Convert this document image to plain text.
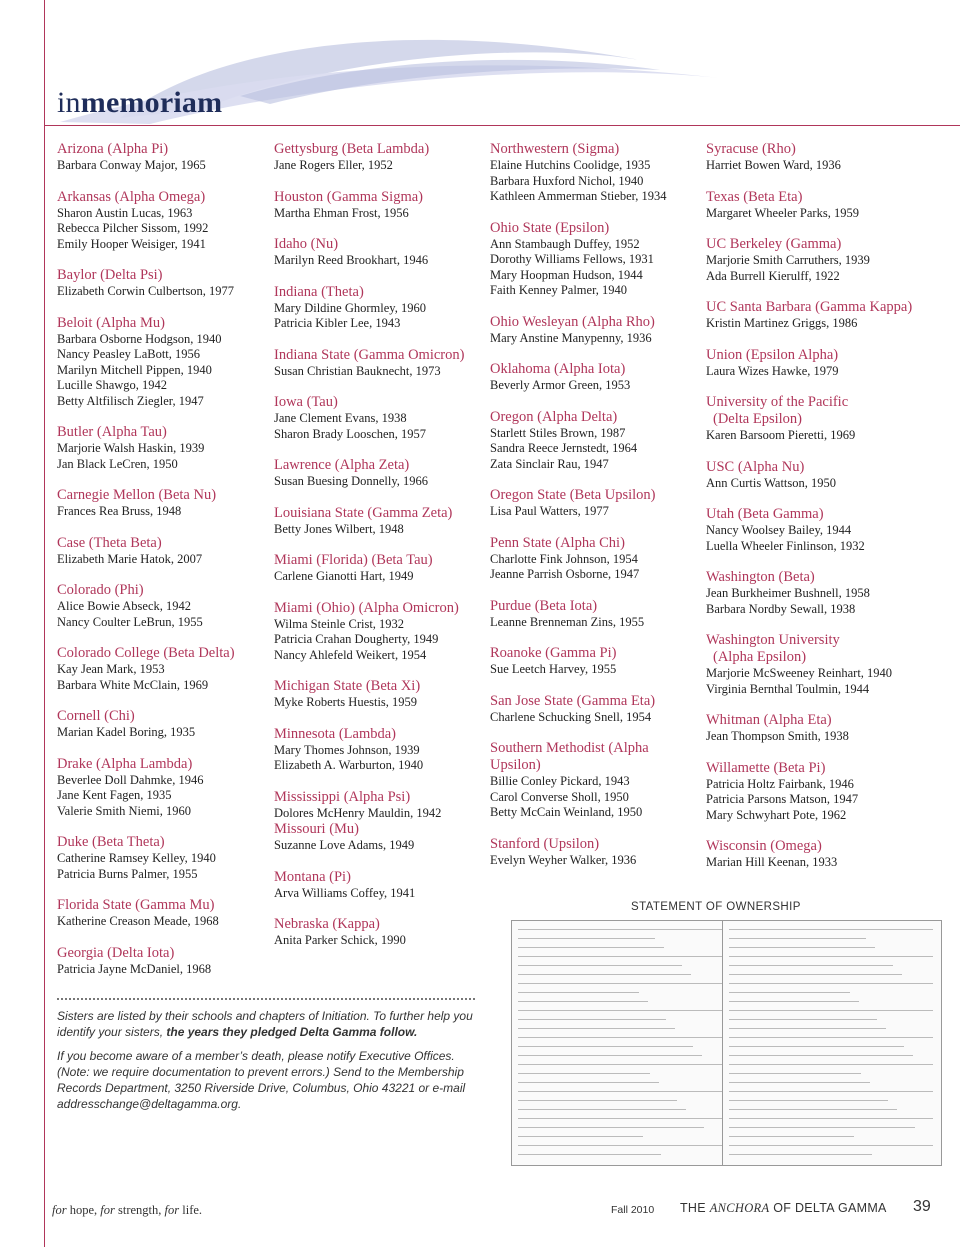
inmemoriam
Arizona (Alpha Pi)
Barbara Conway Major, 1965
Arkansas (Alpha Omega)
Sharon Austin Lucas, 1963
Rebecca Pilcher Sissom, 1992
Emily Hooper Weisiger, 1941
Baylor (Delta Psi)
Elizabeth Corwin Culbertson, 1977
Beloit (Alpha Mu)
Barbara Osborne Hodgson, 1940
Nancy Peasley LaBott, 1956
Marilyn Mitchell Pippen, 1940
Lucille Shawgo, 1942
Betty Altfilisch Ziegler, 1947
Butler (Alpha Tau)
Marjorie Walsh Haskin, 1939
Jan Black LeCren, 1950
Carnegie Mellon (Beta Nu)
Frances Rea Bruss, 1948
Case (Theta Beta)
Elizabeth Marie Hatok, 2007
Colorado (Phi)
Alice Bowie Abseck, 1942
Nancy Coulter LeBrun, 1955
Colorado College (Beta Delta)
Kay Jean Mark, 1953
Barbara White McClain, 1969
Cornell (Chi)
Marian Kadel Boring, 1935
Drake (Alpha Lambda)
Beverlee Doll Dahmke, 1946
Jane Kent Fagen, 1935
Valerie Smith Niemi, 1960
Duke (Beta Theta)
Catherine Ramsey Kelley, 1940
Patricia Burns Palmer, 1955
Florida State (Gamma Mu)
Katherine Creason Meade, 1968
Georgia (Delta Iota)
Patricia Jayne McDaniel, 1968
Gettysburg (Beta Lambda)
Jane Rogers Eller, 1952
Houston (Gamma Sigma)
Martha Ehman Frost, 1956
Idaho (Nu)
Marilyn Reed Brookhart, 1946
Indiana (Theta)
Mary Dildine Ghormley, 1960
Patricia Kibler Lee, 1943
Indiana State (Gamma Omicron)
Susan Christian Bauknecht, 1973
Iowa (Tau)
Jane Clement Evans, 1938
Sharon Brady Looschen, 1957
Lawrence (Alpha Zeta)
Susan Buesing Donnelly, 1966
Louisiana State (Gamma Zeta)
Betty Jones Wilbert, 1948
Miami (Florida) (Beta Tau)
Carlene Gianotti Hart, 1949
Miami (Ohio) (Alpha Omicron)
Wilma Steinle Crist, 1932
Patricia Crahan Dougherty, 1949
Nancy Ahlefeld Weikert, 1954
Michigan State (Beta Xi)
Myke Roberts Huestis, 1959
Minnesota (Lambda)
Mary Thomes Johnson, 1939
Elizabeth A. Warburton, 1940
Mississippi (Alpha Psi)
Dolores McHenry Mauldin, 1942
Missouri (Mu)
Suzanne Love Adams, 1949
Montana (Pi)
Arva Williams Coffey, 1941
Nebraska (Kappa)
Anita Parker Schick, 1990
Northwestern (Sigma)
Elaine Hutchins Coolidge, 1935
Barbara Huxford Nichol, 1940
Kathleen Ammerman Stieber, 1934
Ohio State (Epsilon)
Ann Stambaugh Duffey, 1952
Dorothy Williams Fellows, 1931
Mary Hoopman Hudson, 1944
Faith Kenney Palmer, 1940
Ohio Wesleyan (Alpha Rho)
Mary Anstine Manypenny, 1936
Oklahoma (Alpha Iota)
Beverly Armor Green, 1953
Oregon (Alpha Delta)
Starlett Stiles Brown, 1987
Sandra Reece Jernstedt, 1964
Zata Sinclair Rau, 1947
Oregon State (Beta Upsilon)
Lisa Paul Watters, 1977
Penn State (Alpha Chi)
Charlotte Fink Johnson, 1954
Jeanne Parrish Osborne, 1947
Purdue (Beta Iota)
Leanne Brenneman Zins, 1955
Roanoke (Gamma Pi)
Sue Leetch Harvey, 1955
San Jose State (Gamma Eta)
Charlene Schucking Snell, 1954
Southern Methodist (Alpha Upsilon)
Billie Conley Pickard, 1943
Carol Converse Sholl, 1950
Betty McCain Weinland, 1950
Stanford (Upsilon)
Evelyn Weyher Walker, 1936
Syracuse (Rho)
Harriet Bowen Ward, 1936
Texas (Beta Eta)
Margaret Wheeler Parks, 1959
UC Berkeley (Gamma)
Marjorie Smith Carruthers, 1939
Ada Burrell Kierulff, 1922
UC Santa Barbara (Gamma Kappa)
Kristin Martinez Griggs, 1986
Union (Epsilon Alpha)
Laura Wizes Hawke, 1979
University of the Pacific
(Delta Epsilon)
Karen Barsoom Pieretti, 1969
USC (Alpha Nu)
Ann Curtis Wattson, 1950
Utah (Beta Gamma)
Nancy Woolsey Bailey, 1944
Luella Wheeler Finlinson, 1932
Washington (Beta)
Jean Burkheimer Bushnell, 1958
Barbara Nordby Sewall, 1938
Washington University
(Alpha Epsilon)
Marjorie McSweeney Reinhart, 1940
Virginia Bernthal Toulmin, 1944
Whitman (Alpha Eta)
Jean Thompson Smith, 1938
Willamette (Beta Pi)
Patricia Holtz Fairbank, 1946
Patricia Parsons Matson, 1947
Mary Schwyhart Pote, 1962
Wisconsin (Omega)
Marian Hill Keenan, 1933

Sisters are listed by their schools and chapters of Initiation. To further help you identify your sisters, the years they pledged Delta Gamma follow.

If you become aware of a member’s death, please notify Executive Offices. (Note: we require documentation to prevent errors.) Send to the Membership Records Department, 3250 Riverside Drive, Columbus, Ohio 43221 or e-mail addresschange@deltagamma.org.

STATEMENT OF OWNERSHIP
for hope, for strength, for life.	Fall 2010 THE ANCHORA OF DELTA GAMMA 39
